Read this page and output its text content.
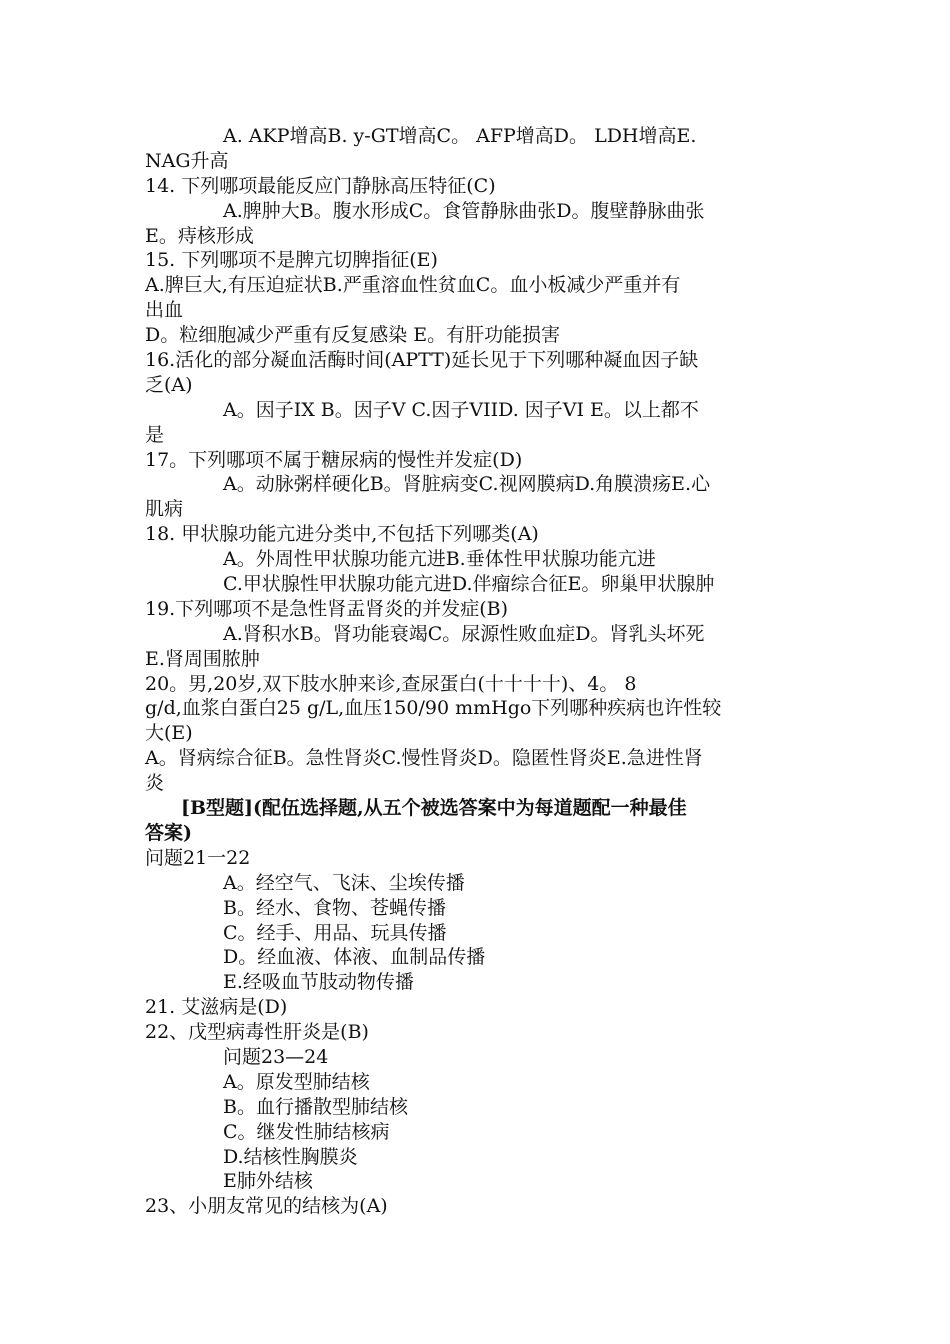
A. AKP增高B. y-GT增高C。 AFP增高D。 LDH增高E.
NAG升高
14. 下列哪项最能反应门静脉高压特征(C)
A.脾肿大B。腹水形成C。食管静脉曲张D。腹壁静脉曲张
E。痔核形成
15. 下列哪项不是脾亢切脾指征(E)
A.脾巨大,有压迫症状B.严重溶血性贫血C。血小板减少严重并有
出血
D。粒细胞减少严重有反复感染 E。有肝功能损害
16.活化的部分凝血活酶时间(APTT)延长见于下列哪种凝血因子缺
乏(A)
A。因子IX B。因子V C.因子VIID. 因子VI E。以上都不
是
17。下列哪项不属于糖尿病的慢性并发症(D)
A。动脉粥样硬化B。肾脏病变C.视网膜病D.角膜溃疡E.心
肌病
18. 甲状腺功能亢进分类中,不包括下列哪类(A)
A。外周性甲状腺功能亢进B.垂体性甲状腺功能亢进
C.甲状腺性甲状腺功能亢进D.伴瘤综合征E。卵巢甲状腺肿
19.下列哪项不是急性肾盂肾炎的并发症(B)
A.肾积水B。肾功能衰竭C。尿源性败血症D。肾乳头坏死
E.肾周围脓肿
20。男,20岁,双下肢水肿来诊,查尿蛋白(十十十十)、4。 8
g/d,血浆白蛋白25 g/L,血压150/90 mmHgo下列哪种疾病也许性较
大(E)
A。肾病综合征B。急性肾炎C.慢性肾炎D。隐匿性肾炎E.急进性肾
炎
[B型题](配伍选择题,从五个被选答案中为每道题配一种最佳
答案)
问题21一22
A。经空气、飞沫、尘埃传播
B。经水、食物、苍蝇传播
C。经手、用品、玩具传播
D。经血液、体液、血制品传播
E.经吸血节肢动物传播
21. 艾滋病是(D)
22、戊型病毒性肝炎是(B)
问题23—24
A。原发型肺结核
B。血行播散型肺结核
C。继发性肺结核病
D.结核性胸膜炎
E肺外结核
23、小朋友常见的结核为(A)
